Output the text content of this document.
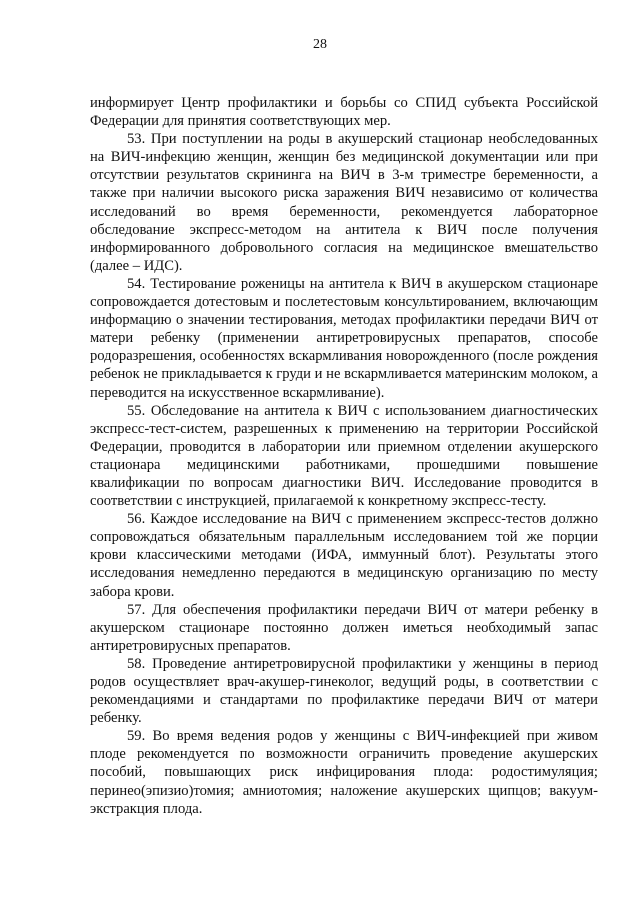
28

информирует Центр профилактики и борьбы со СПИД субъекта Российской Федерации для принятия соответствующих мер.

53. При поступлении на роды в акушерский стационар необследованных на ВИЧ-инфекцию женщин, женщин без медицинской документации или при отсутствии результатов скрининга на ВИЧ в 3-м триместре беременности, а также при наличии высокого риска заражения ВИЧ независимо от количества исследований во время беременности, рекомендуется лабораторное обследование экспресс-методом на антитела к ВИЧ после получения информированного добровольного согласия на медицинское вмешательство (далее – ИДС).

54. Тестирование роженицы на антитела к ВИЧ в акушерском стационаре сопровождается дотестовым и послетестовым консультированием, включающим информацию о значении тестирования, методах профилактики передачи ВИЧ от матери ребенку (применении антиретровирусных препаратов, способе родоразрешения, особенностях вскармливания новорожденного (после рождения ребенок не прикладывается к груди и не вскармливается материнским молоком, а переводится на искусственное вскармливание).

55. Обследование на антитела к ВИЧ с использованием диагностических экспресс-тест-систем, разрешенных к применению на территории Российской Федерации, проводится в лаборатории или приемном отделении акушерского стационара медицинскими работниками, прошедшими повышение квалификации по вопросам диагностики ВИЧ. Исследование проводится в соответствии с инструкцией, прилагаемой к конкретному экспресс-тесту.

56. Каждое исследование на ВИЧ с применением экспресс-тестов должно сопровождаться обязательным параллельным исследованием той же порции крови классическими методами (ИФА, иммунный блот). Результаты этого исследования немедленно передаются в медицинскую организацию по месту забора крови.

57. Для обеспечения профилактики передачи ВИЧ от матери ребенку в акушерском стационаре постоянно должен иметься необходимый запас антиретровирусных препаратов.

58. Проведение антиретровирусной профилактики у женщины в период родов осуществляет врач-акушер-гинеколог, ведущий роды, в соответствии с рекомендациями и стандартами по профилактике передачи ВИЧ от матери ребенку.

59. Во время ведения родов у женщины с ВИЧ-инфекцией при живом плоде рекомендуется по возможности ограничить проведение акушерских пособий, повышающих риск инфицирования плода: родостимуляция; перинео(эпизио)томия; амниотомия; наложение акушерских щипцов; вакуум-экстракция плода.
